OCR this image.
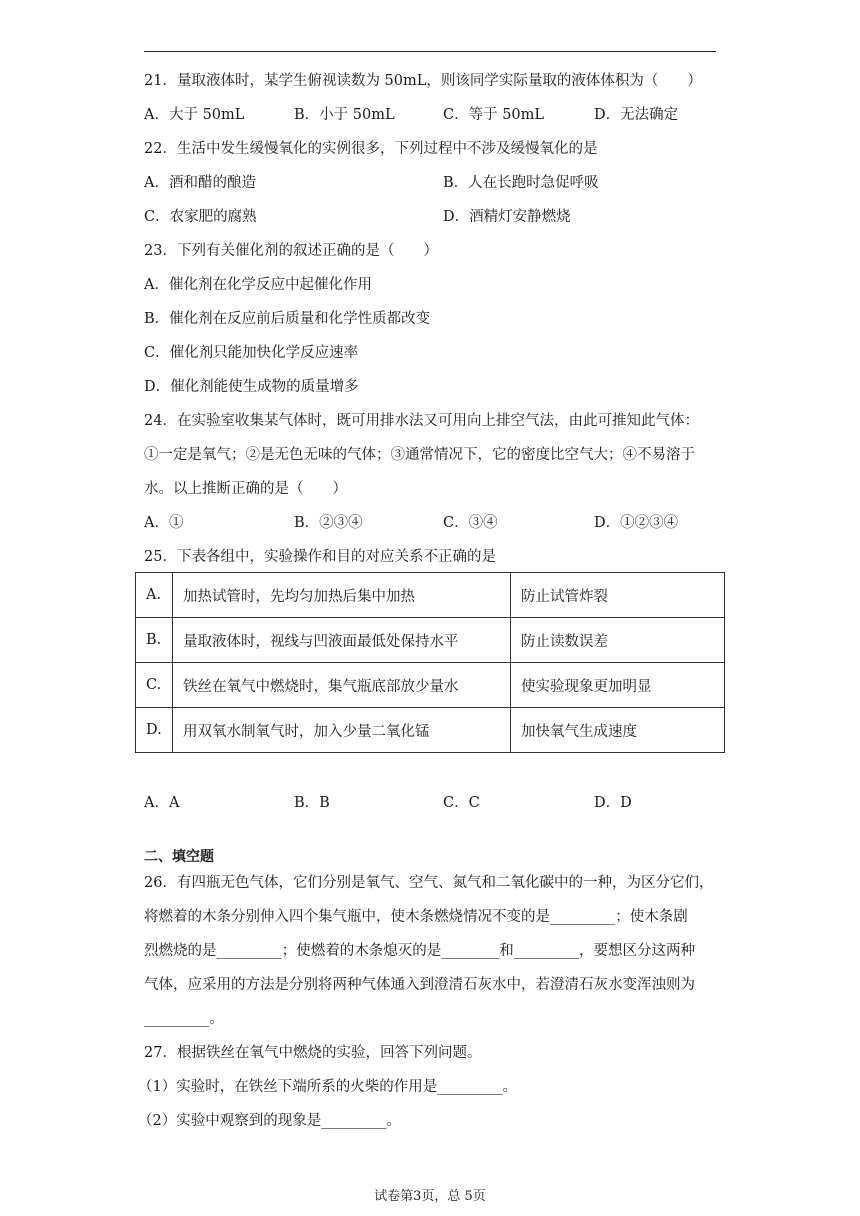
21．量取液体时，某学生俯视读数为 50mL，则该同学实际量取的液体体积为（　　）
A．大于 50mL	B．小于 50mL	C．等于 50mL	D．无法确定
22．生活中发生缓慢氧化的实例很多，下列过程中不涉及缓慢氧化的是
A．酒和醋的酿造	B．人在长跑时急促呼吸
C．农家肥的腐熟	D．酒精灯安静燃烧
23．下列有关催化剂的叙述正确的是（　　）
A．催化剂在化学反应中起催化作用
B．催化剂在反应前后质量和化学性质都改变
C．催化剂只能加快化学反应速率
D．催化剂能使生成物的质量增多
24．在实验室收集某气体时，既可用排水法又可用向上排空气法，由此可推知此气体：
①一定是氧气；②是无色无味的气体；③通常情况下，它的密度比空气大；④不易溶于
水。以上推断正确的是（　　）
A．①	B．②③④	C．③④	D．①②③④
25．下表各组中，实验操作和目的对应关系不正确的是
A.	加热试管时，先均匀加热后集中加热	防止试管炸裂
B.	量取液体时，视线与凹液面最低处保持水平	防止读数误差
C.	铁丝在氧气中燃烧时，集气瓶底部放少量水	使实验现象更加明显
D.	用双氧水制氧气时，加入少量二氧化锰	加快氧气生成速度
A．A	B．B	C．C	D．D
二、填空题
26．有四瓶无色气体，它们分别是氧气、空气、氮气和二氧化碳中的一种，为区分它们，
将燃着的木条分别伸入四个集气瓶中，使木条燃烧情况不变的是_________；使木条剧
烈燃烧的是_________；使燃着的木条熄灭的是________和_________，要想区分这两种
气体，应采用的方法是分别将两种气体通入到澄清石灰水中，若澄清石灰水变浑浊则为
_________。
27．根据铁丝在氧气中燃烧的实验，回答下列问题。
（1）实验时，在铁丝下端所系的火柴的作用是_________。
（2）实验中观察到的现象是_________。
试卷第3页，总 5页
